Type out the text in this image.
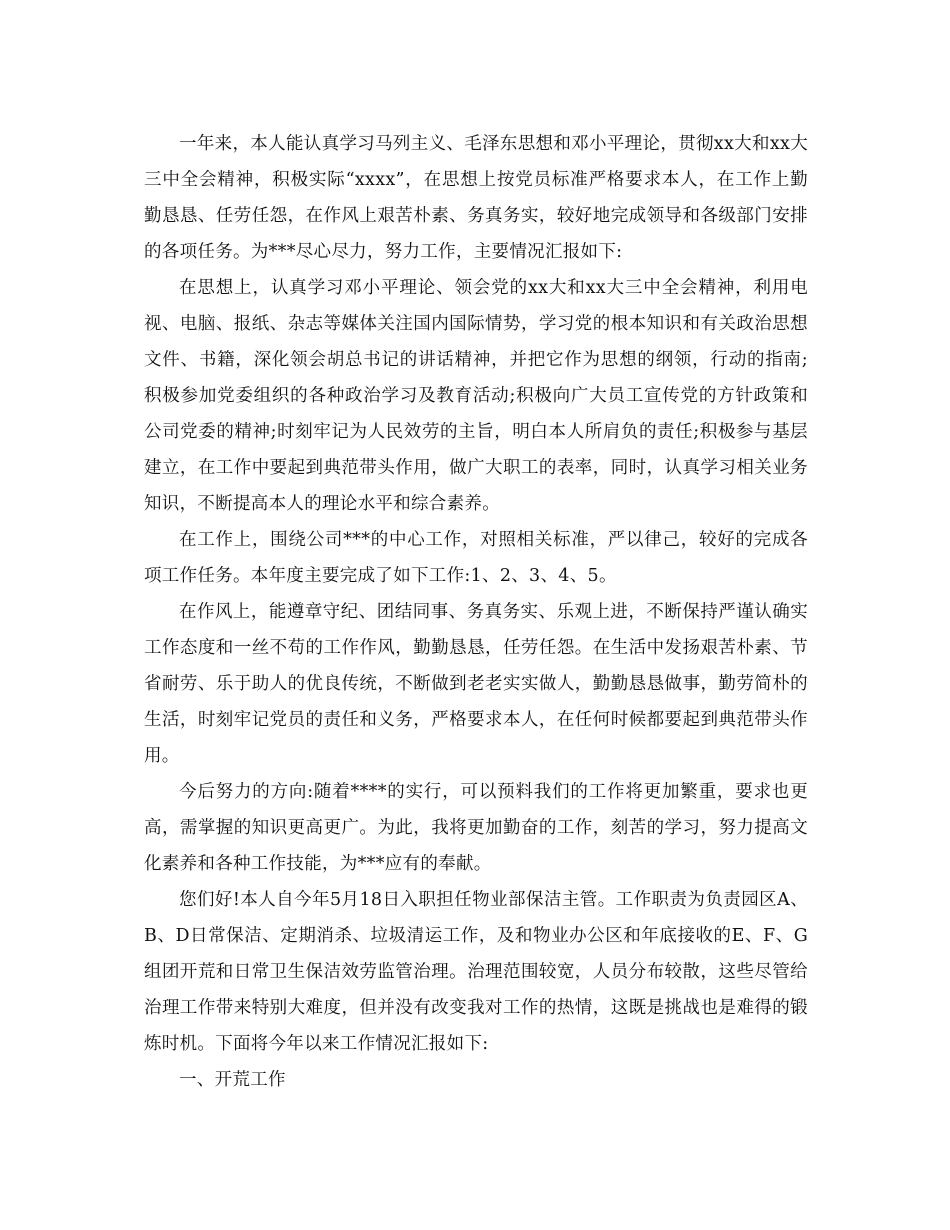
一年来，本人能认真学习马列主义、毛泽东思想和邓小平理论，贯彻xx大和xx大三中全会精神，积极实际“xxxx”，在思想上按党员标准严格要求本人，在工作上勤勤恳恳、任劳任怨，在作风上艰苦朴素、务真务实，较好地完成领导和各级部门安排的各项任务。为***尽心尽力，努力工作，主要情况汇报如下:

在思想上，认真学习邓小平理论、领会党的xx大和xx大三中全会精神，利用电视、电脑、报纸、杂志等媒体关注国内国际情势，学习党的根本知识和有关政治思想文件、书籍，深化领会胡总书记的讲话精神，并把它作为思想的纲领，行动的指南;积极参加党委组织的各种政治学习及教育活动;积极向广大员工宣传党的方针政策和公司党委的精神;时刻牢记为人民效劳的主旨，明白本人所肩负的责任;积极参与基层建立，在工作中要起到典范带头作用，做广大职工的表率，同时，认真学习相关业务知识，不断提高本人的理论水平和综合素养。

在工作上，围绕公司***的中心工作，对照相关标准，严以律己，较好的完成各项工作任务。本年度主要完成了如下工作:1、2、3、4、5。

在作风上，能遵章守纪、团结同事、务真务实、乐观上进，不断保持严谨认确实工作态度和一丝不苟的工作作风，勤勤恳恳，任劳任怨。在生活中发扬艰苦朴素、节省耐劳、乐于助人的优良传统，不断做到老老实实做人，勤勤恳恳做事，勤劳简朴的生活，时刻牢记党员的责任和义务，严格要求本人，在任何时候都要起到典范带头作用。

今后努力的方向:随着****的实行，可以预料我们的工作将更加繁重，要求也更高，需掌握的知识更高更广。为此，我将更加勤奋的工作，刻苦的学习，努力提高文化素养和各种工作技能，为***应有的奉献。

您们好!本人自今年5月18日入职担任物业部保洁主管。工作职责为负责园区A、B、D日常保洁、定期消杀、垃圾清运工作，及和物业办公区和年底接收的E、F、G组团开荒和日常卫生保洁效劳监管治理。治理范围较宽，人员分布较散，这些尽管给治理工作带来特别大难度，但并没有改变我对工作的热情，这既是挑战也是难得的锻炼时机。下面将今年以来工作情况汇报如下:

一、开荒工作
